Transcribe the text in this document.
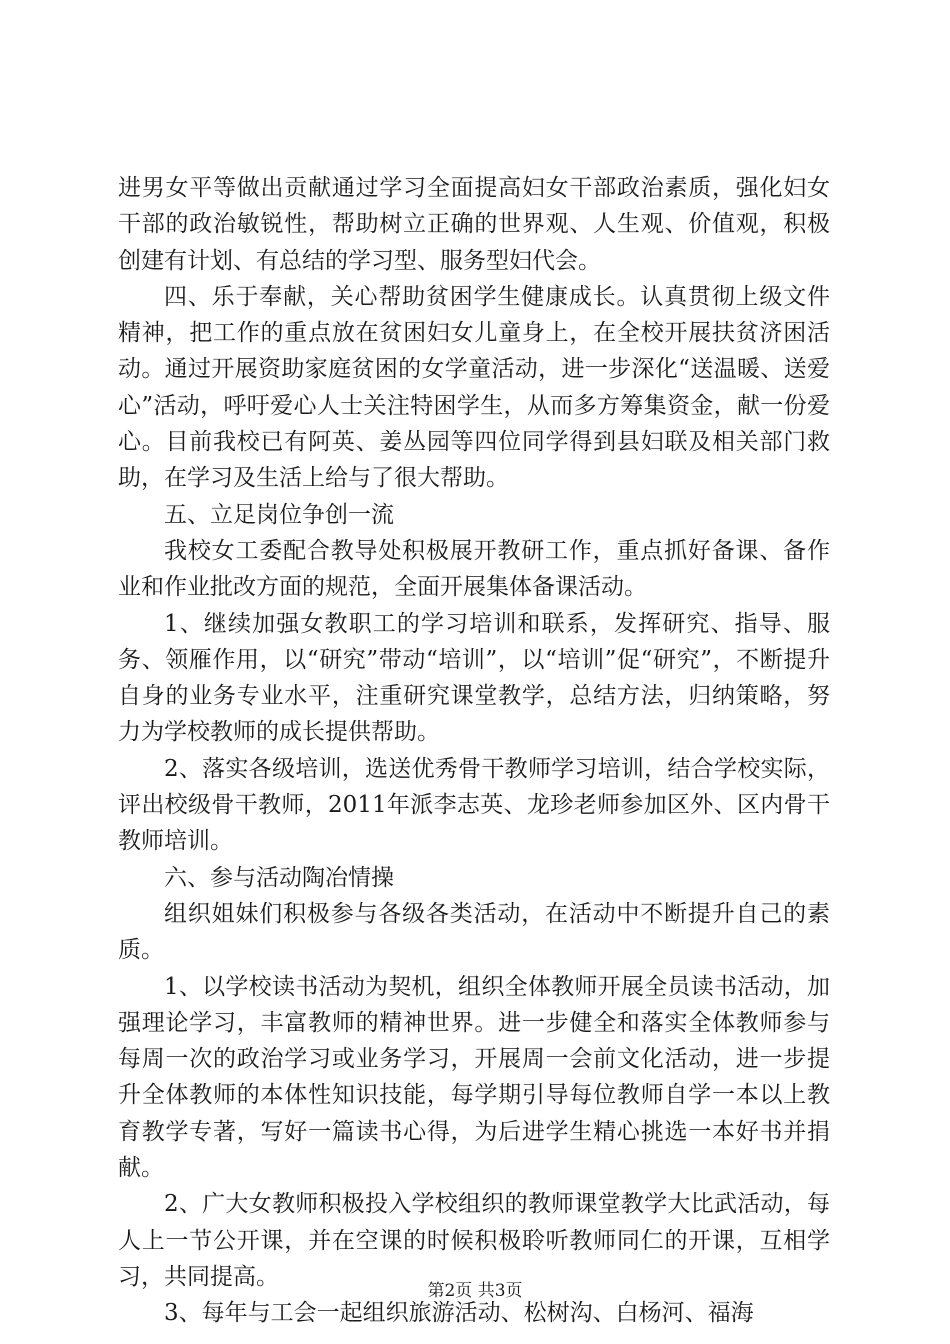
进男女平等做出贡献通过学习全面提高妇女干部政治素质，强化妇女干部的政治敏锐性，帮助树立正确的世界观、人生观、价值观，积极创建有计划、有总结的学习型、服务型妇代会。

四、乐于奉献，关心帮助贫困学生健康成长。认真贯彻上级文件精神，把工作的重点放在贫困妇女儿童身上，在全校开展扶贫济困活动。通过开展资助家庭贫困的女学童活动，进一步深化“送温暖、送爱心”活动，呼吁爱心人士关注特困学生，从而多方筹集资金，献一份爱心。目前我校已有阿英、姜丛园等四位同学得到县妇联及相关部门救助，在学习及生活上给与了很大帮助。

五、立足岗位争创一流

我校女工委配合教导处积极展开教研工作，重点抓好备课、备作业和作业批改方面的规范，全面开展集体备课活动。

1、继续加强女教职工的学习培训和联系，发挥研究、指导、服务、领雁作用，以“研究”带动“培训”，以“培训”促“研究”，不断提升自身的业务专业水平，注重研究课堂教学，总结方法，归纳策略，努力为学校教师的成长提供帮助。

2、落实各级培训，选送优秀骨干教师学习培训，结合学校实际，评出校级骨干教师，2011年派李志英、龙珍老师参加区外、区内骨干教师培训。

六、参与活动陶冶情操

组织姐妹们积极参与各级各类活动，在活动中不断提升自己的素质。

1、以学校读书活动为契机，组织全体教师开展全员读书活动，加强理论学习，丰富教师的精神世界。进一步健全和落实全体教师参与每周一次的政治学习或业务学习，开展周一会前文化活动，进一步提升全体教师的本体性知识技能，每学期引导每位教师自学一本以上教育教学专著，写好一篇读书心得，为后进学生精心挑选一本好书并捐献。

2、广大女教师积极投入学校组织的教师课堂教学大比武活动，每人上一节公开课，并在空课的时候积极聆听教师同仁的开课，互相学习，共同提高。

3、每年与工会一起组织旅游活动、松树沟、白杨河、福海

第2页 共3页
